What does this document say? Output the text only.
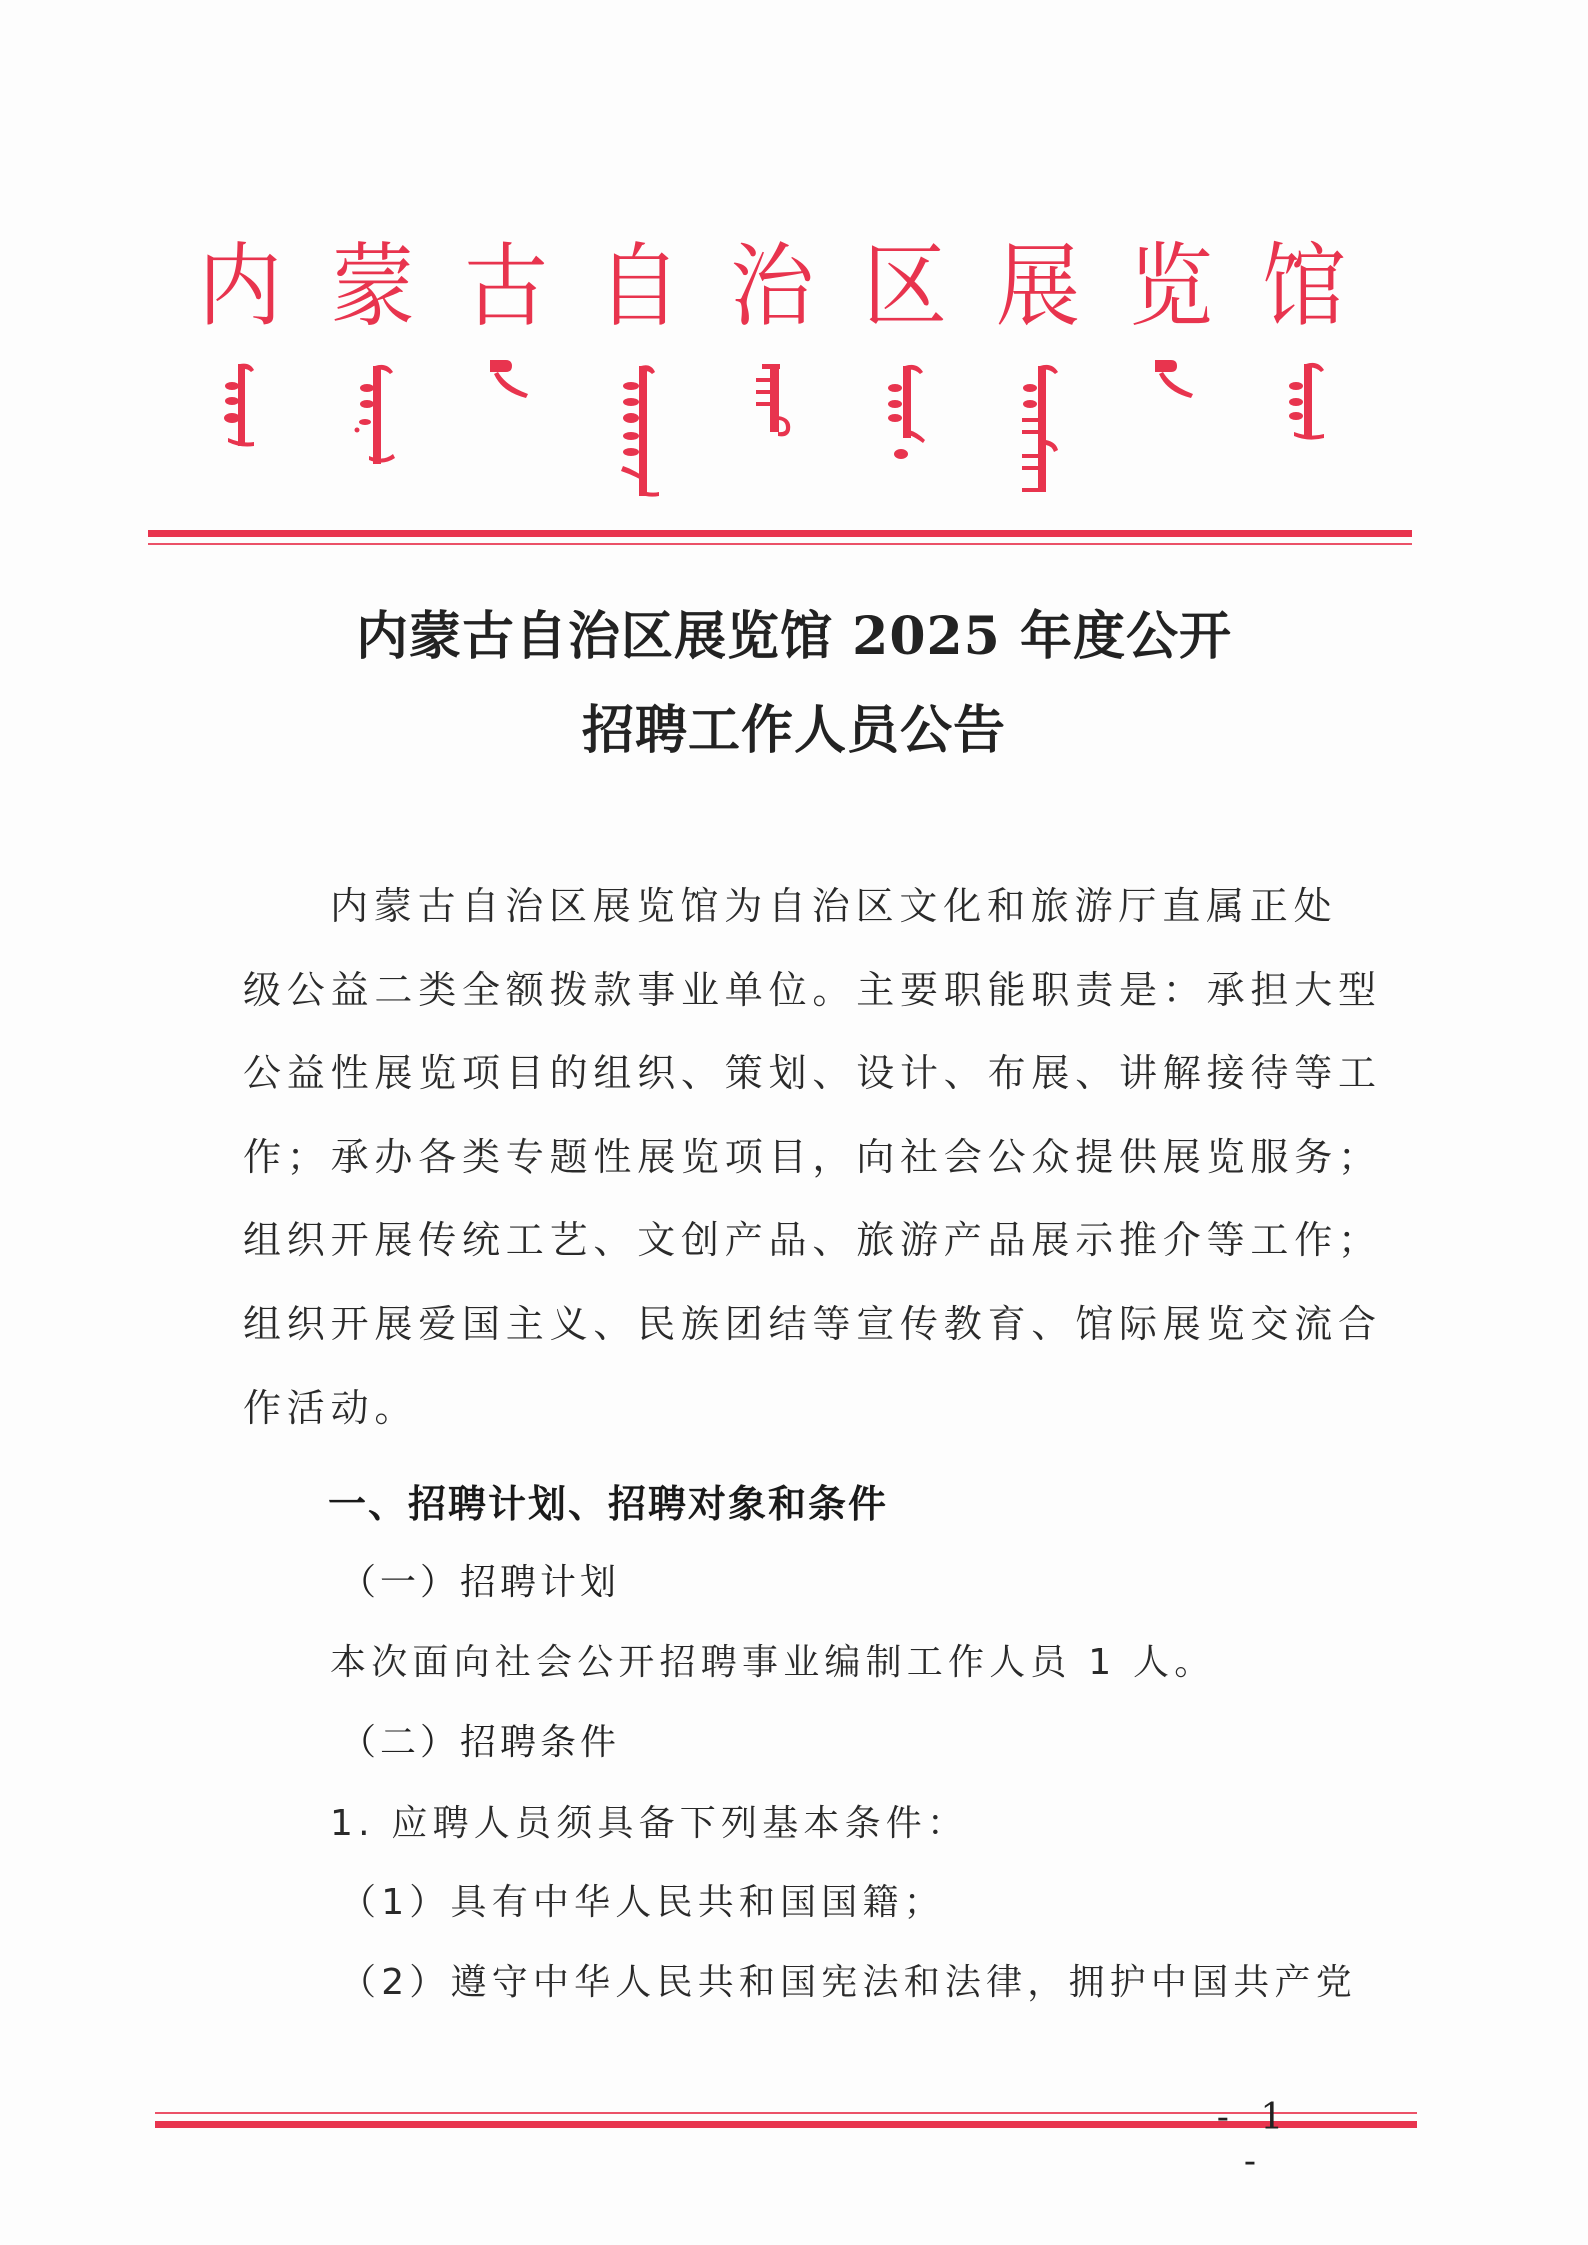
内 蒙 古 自 治 区 展 览 馆
内蒙古自治区展览馆 2025 年度公开
招聘工作人员公告
内蒙古自治区展览馆为自治区文化和旅游厅直属正处
级公益二类全额拨款事业单位。主要职能职责是：承担大型
公益性展览项目的组织、策划、设计、布展、讲解接待等工
作；承办各类专题性展览项目，向社会公众提供展览服务；
组织开展传统工艺、文创产品、旅游产品展示推介等工作；
组织开展爱国主义、民族团结等宣传教育、馆际展览交流合
作活动。
一、招聘计划、招聘对象和条件
（一）招聘计划
本次面向社会公开招聘事业编制工作人员 1 人。
（二）招聘条件
1. 应聘人员须具备下列基本条件：
（1）具有中华人民共和国国籍；
（2）遵守中华人民共和国宪法和法律，拥护中国共产党
- 1 -
